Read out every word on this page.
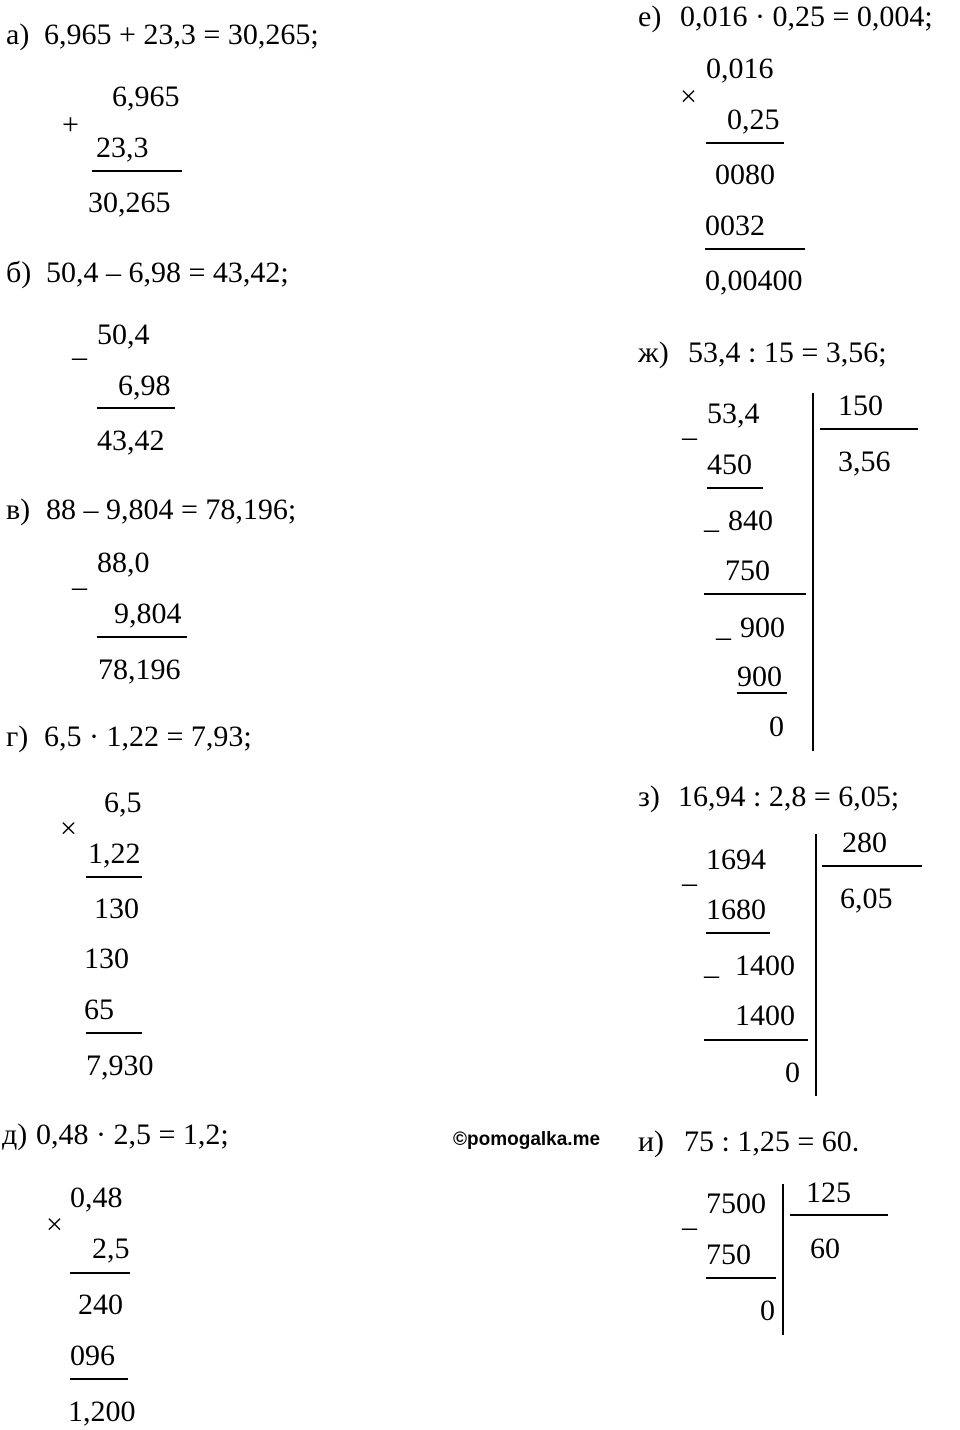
а) 6,965 + 23,3 = 30,265;
+
6,965
23,3
30,265
б) 50,4 – 6,98 = 43,42;
–
50,4
6,98
43,42
в) 88 – 9,804 = 78,196;
–
88,0
9,804
78,196
г) 6,5 · 1,22 = 7,93;
×
6,5
1,22
130
130
65
7,930
д) 0,48 · 2,5 = 1,2;
×
0,48
2,5
240
096
1,200
©pomogalka.me
е) 0,016 · 0,25 = 0,004;
×
0,016
0,25
0080
0032
0,00400
ж) 53,4 : 15 = 3,56;
–
53,4
450
– 840
750
– 900
900
0
150
3,56
з) 16,94 : 2,8 = 6,05;
–
1694
1680
– 1400
1400
0
280
6,05
и) 75 : 1,25 = 60.
–
7500
750
0
125
60
